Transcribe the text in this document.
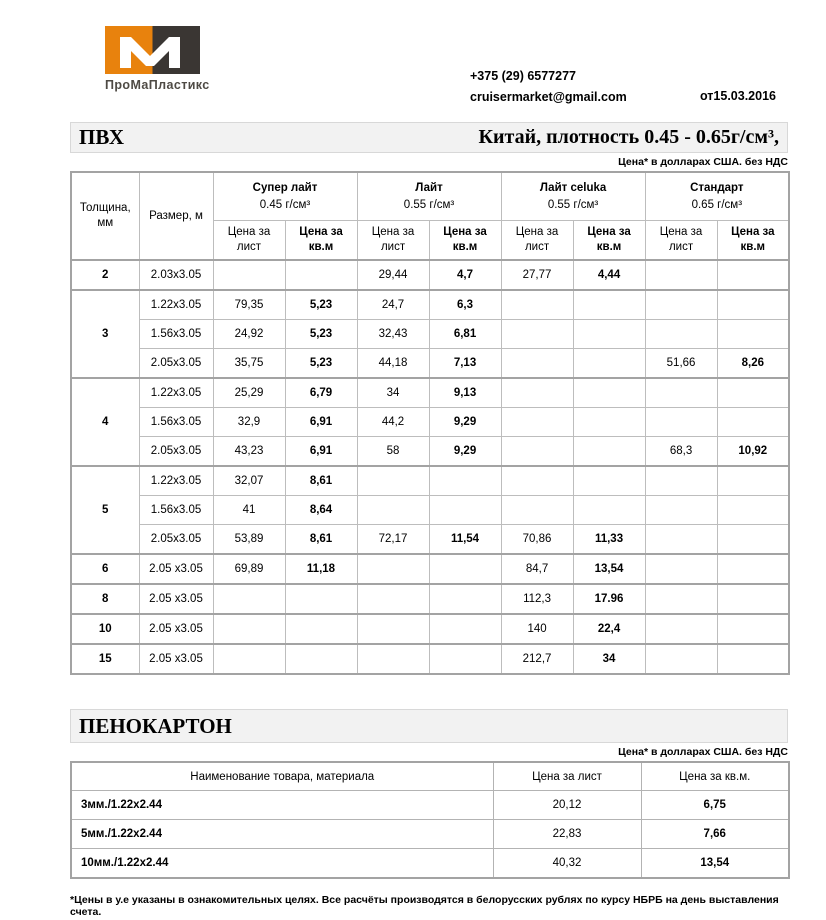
ПроМаПластикс
+375 (29) 6577277
cruisermarket@gmail.com	от15.03.2016
ПВХ	Китай, плотность 0.45 - 0.65г/см³,
Цена* в долларах США. без НДС
Толщина, мм	Размер, м	
Супер лайт
0.45 г/см³

Лайт
0.55 г/см³

Лайт celuka
0.55 г/см³

Стандарт
0.65 г/см³

		Цена за лист	Цена за кв.м	Цена за лист	Цена за кв.м	Цена за лист	Цена за кв.м	Цена за лист	Цена за кв.м
2	2.03x3.05			29,44	4,7	27,77	4,44		
3	1.22x3.05	79,35	5,23	24,7	6,3				
	1.56x3.05	24,92	5,23	32,43	6,81				
	2.05x3.05	35,75	5,23	44,18	7,13			51,66	8,26
4	1.22x3.05	25,29	6,79	34	9,13				
	1.56x3.05	32,9	6,91	44,2	9,29				
	2.05x3.05	43,23	6,91	58	9,29			68,3	10,92
5	1.22x3.05	32,07	8,61						
	1.56x3.05	41	8,64						
	2.05x3.05	53,89	8,61	72,17	11,54	70,86	11,33		
6	2.05 x3.05	69,89	11,18			84,7	13,54		
8	2.05 x3.05					112,3	17.96		
10	2.05 x3.05					140	22,4		
15	2.05 x3.05					212,7	34		
ПЕНОКАРТОН
Цена* в долларах США. без НДС
Наименование товара, материала	Цена за лист	Цена за кв.м.
3мм./1.22x2.44	20,12	6,75
5мм./1.22x2.44	22,83	7,66
10мм./1.22x2.44	40,32	13,54
*Цены в у.е указаны в ознакомительных целях. Все расчёты производятся в белорусских рублях по курсу НБРБ на день выставления счета.
